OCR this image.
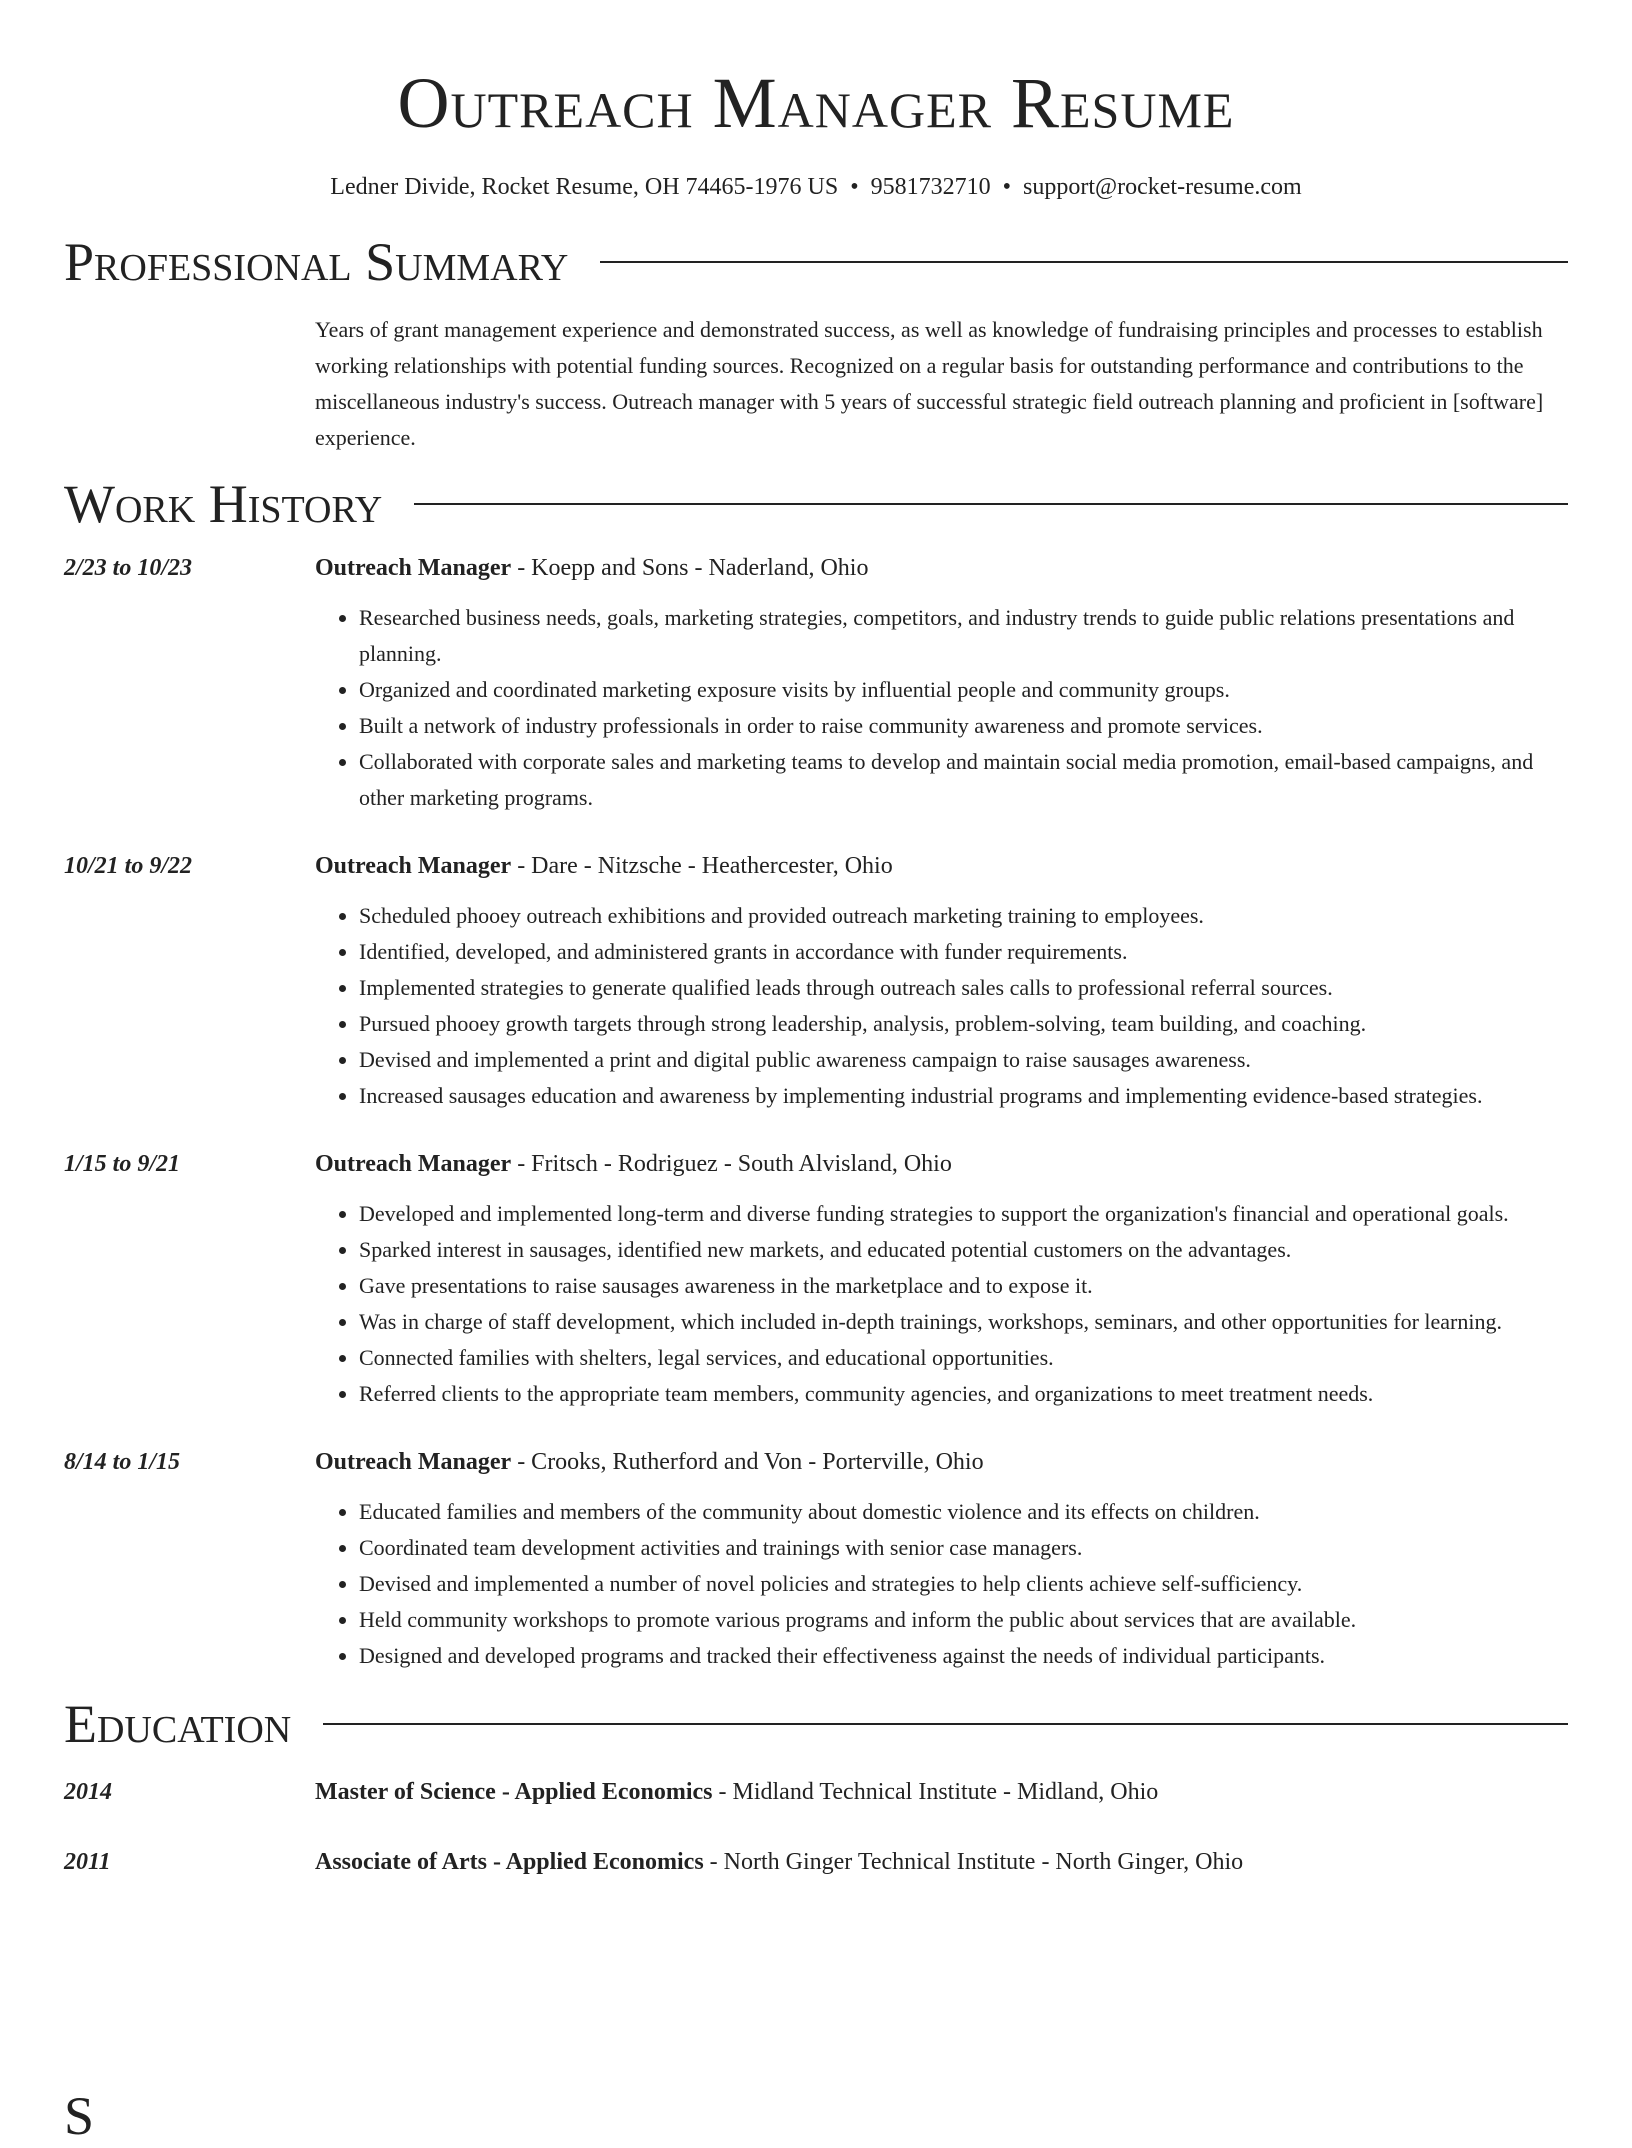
Outreach Manager Resume
Ledner Divide, Rocket Resume, OH 74465-1976 US • 9581732710 • support@rocket-resume.com
Professional Summary
Years of grant management experience and demonstrated success, as well as knowledge of fundraising principles and processes to establish working relationships with potential funding sources. Recognized on a regular basis for outstanding performance and contributions to the miscellaneous industry's success. Outreach manager with 5 years of successful strategic field outreach planning and proficient in [software] experience.
Work History
2/23 to 10/23	Outreach Manager - Koepp and Sons - Naderland, Ohio
• Researched business needs, goals, marketing strategies, competitors, and industry trends to guide public relations presentations and planning.
• Organized and coordinated marketing exposure visits by influential people and community groups.
• Built a network of industry professionals in order to raise community awareness and promote services.
• Collaborated with corporate sales and marketing teams to develop and maintain social media promotion, email-based campaigns, and other marketing programs.
10/21 to 9/22	Outreach Manager - Dare - Nitzsche - Heathercester, Ohio
• Scheduled phooey outreach exhibitions and provided outreach marketing training to employees.
• Identified, developed, and administered grants in accordance with funder requirements.
• Implemented strategies to generate qualified leads through outreach sales calls to professional referral sources.
• Pursued phooey growth targets through strong leadership, analysis, problem-solving, team building, and coaching.
• Devised and implemented a print and digital public awareness campaign to raise sausages awareness.
• Increased sausages education and awareness by implementing industrial programs and implementing evidence-based strategies.
1/15 to 9/21	Outreach Manager - Fritsch - Rodriguez - South Alvisland, Ohio
• Developed and implemented long-term and diverse funding strategies to support the organization's financial and operational goals.
• Sparked interest in sausages, identified new markets, and educated potential customers on the advantages.
• Gave presentations to raise sausages awareness in the marketplace and to expose it.
• Was in charge of staff development, which included in-depth trainings, workshops, seminars, and other opportunities for learning.
• Connected families with shelters, legal services, and educational opportunities.
• Referred clients to the appropriate team members, community agencies, and organizations to meet treatment needs.
8/14 to 1/15	Outreach Manager - Crooks, Rutherford and Von - Porterville, Ohio
• Educated families and members of the community about domestic violence and its effects on children.
• Coordinated team development activities and trainings with senior case managers.
• Devised and implemented a number of novel policies and strategies to help clients achieve self-sufficiency.
• Held community workshops to promote various programs and inform the public about services that are available.
• Designed and developed programs and tracked their effectiveness against the needs of individual participants.
Education
2014	Master of Science - Applied Economics - Midland Technical Institute - Midland, Ohio
2011	Associate of Arts - Applied Economics - North Ginger Technical Institute - North Ginger, Ohio
S
